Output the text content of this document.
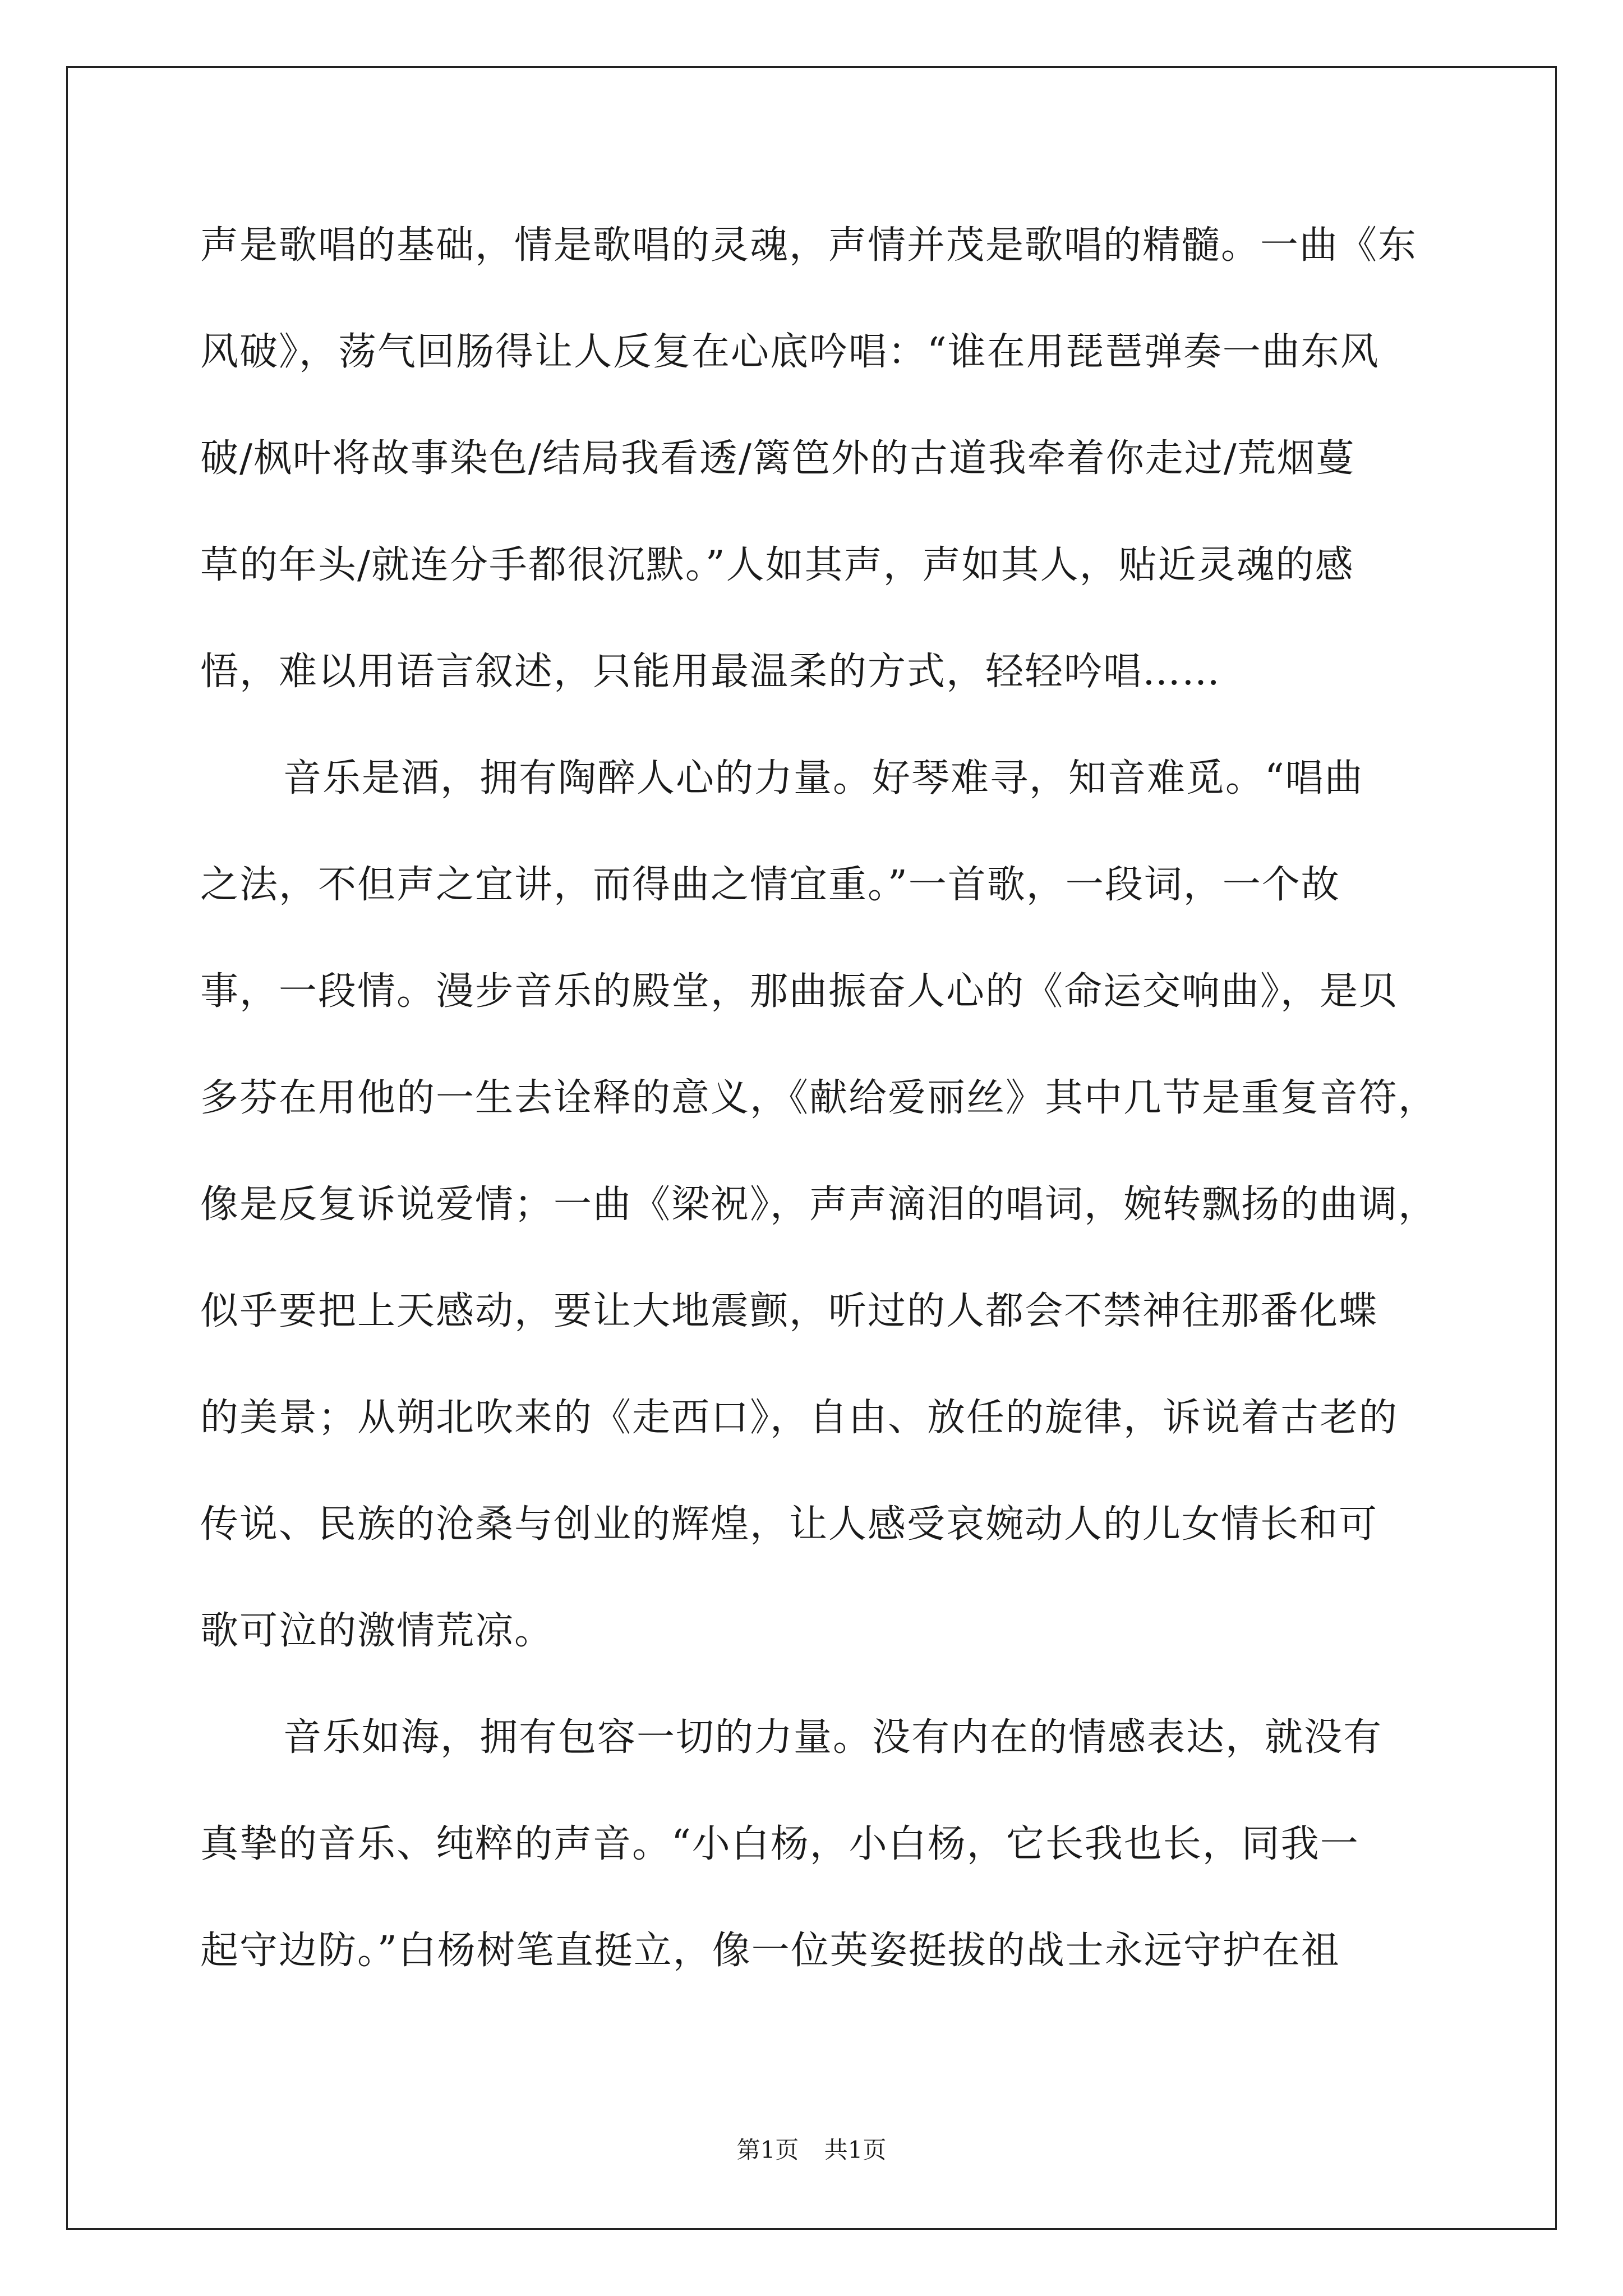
声是歌唱的基础，情是歌唱的灵魂，声情并茂是歌唱的精髓。一曲《东
风破》，荡气回肠得让人反复在心底吟唱：“谁在用琵琶弹奏一曲东风
破/枫叶将故事染色/结局我看透/篱笆外的古道我牵着你走过/荒烟蔓
草的年头/就连分手都很沉默。”人如其声，声如其人，贴近灵魂的感
悟，难以用语言叙述，只能用最温柔的方式，轻轻吟唱……
音乐是酒，拥有陶醉人心的力量。好琴难寻，知音难觅。“唱曲
之法，不但声之宜讲，而得曲之情宜重。”一首歌，一段词，一个故
事，一段情。漫步音乐的殿堂，那曲振奋人心的《命运交响曲》，是贝
多芬在用他的一生去诠释的意义，《献给爱丽丝》其中几节是重复音符，
像是反复诉说爱情；一曲《梁祝》，声声滴泪的唱词，婉转飘扬的曲调，
似乎要把上天感动，要让大地震颤，听过的人都会不禁神往那番化蝶
的美景；从朔北吹来的《走西口》，自由、放任的旋律，诉说着古老的
传说、民族的沧桑与创业的辉煌，让人感受哀婉动人的儿女情长和可
歌可泣的激情荒凉。
音乐如海，拥有包容一切的力量。没有内在的情感表达，就没有
真挚的音乐、纯粹的声音。“小白杨，小白杨，它长我也长，同我一
起守边防。”白杨树笔直挺立，像一位英姿挺拔的战士永远守护在祖
第1页 共1页
